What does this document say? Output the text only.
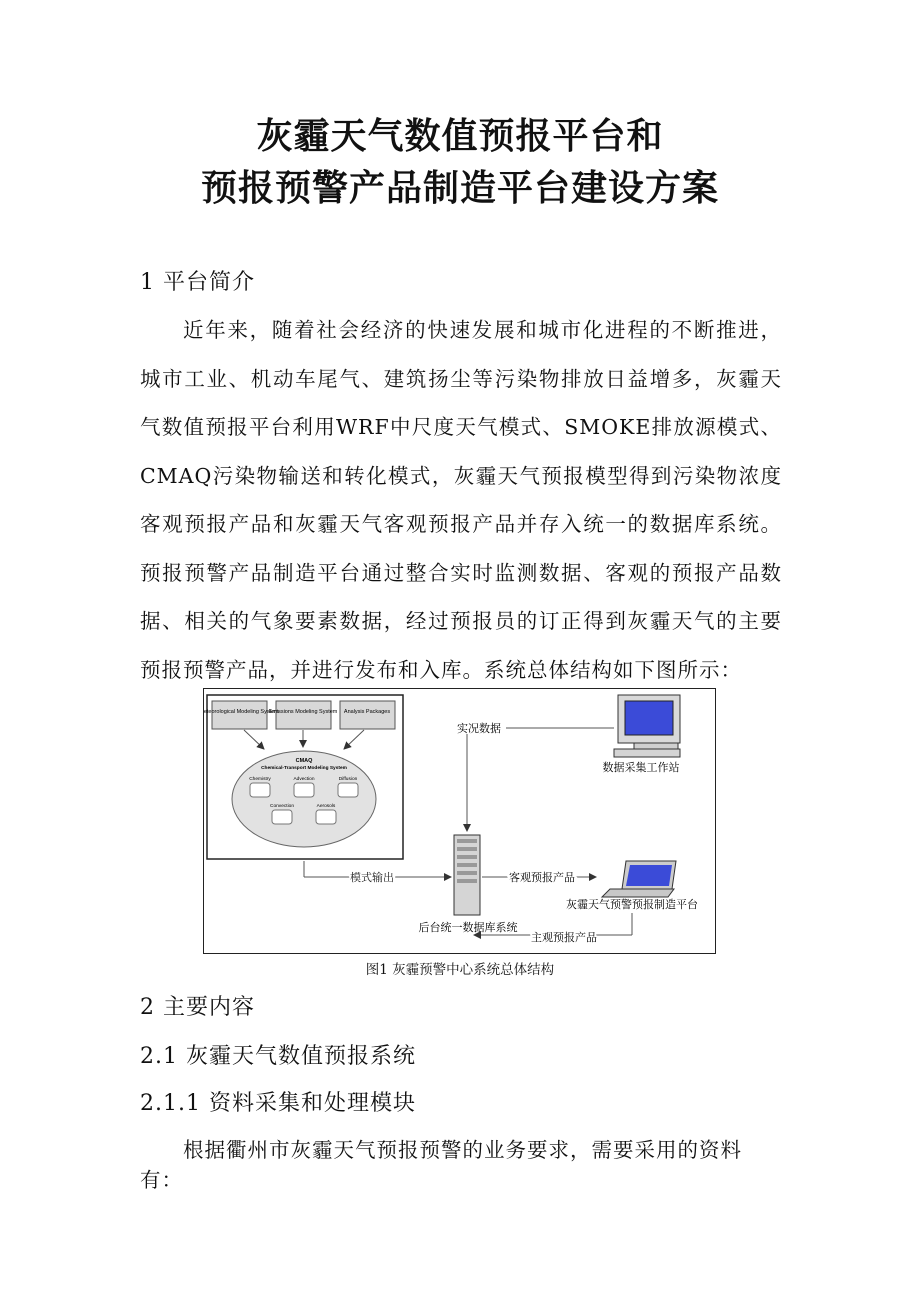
灰霾天气数值预报平台和
预报预警产品制造平台建设方案
1 平台简介

近年来，随着社会经济的快速发展和城市化进程的不断推进，城市工业、机动车尾气、建筑扬尘等污染物排放日益增多，灰霾天气数值预报平台利用WRF中尺度天气模式、SMOKE排放源模式、CMAQ污染物输送和转化模式，灰霾天气预报模型得到污染物浓度客观预报产品和灰霾天气客观预报产品并存入统一的数据库系统。预报预警产品制造平台通过整合实时监测数据、客观的预报产品数据、相关的气象要素数据，经过预报员的订正得到灰霾天气的主要预报预警产品，并进行发布和入库。系统总体结构如下图所示：

Meteorological Modeling System
Emissions Modeling System Analysis Packages
CMAQ
Chemical-Transport Modeling System
Chemistry	Advection	Diffusion
Convection	Aerosols
数据采集工作站
实况数据
模式输出	客观预报产品
灰霾天气预警预报制造平台
后台统一数据库系统
主观预报产品
图1 灰霾预警中心系统总体结构
2 主要内容
2.1 灰霾天气数值预报系统
2.1.1 资料采集和处理模块
根据衢州市灰霾天气预报预警的业务要求，需要采用的资料有：
